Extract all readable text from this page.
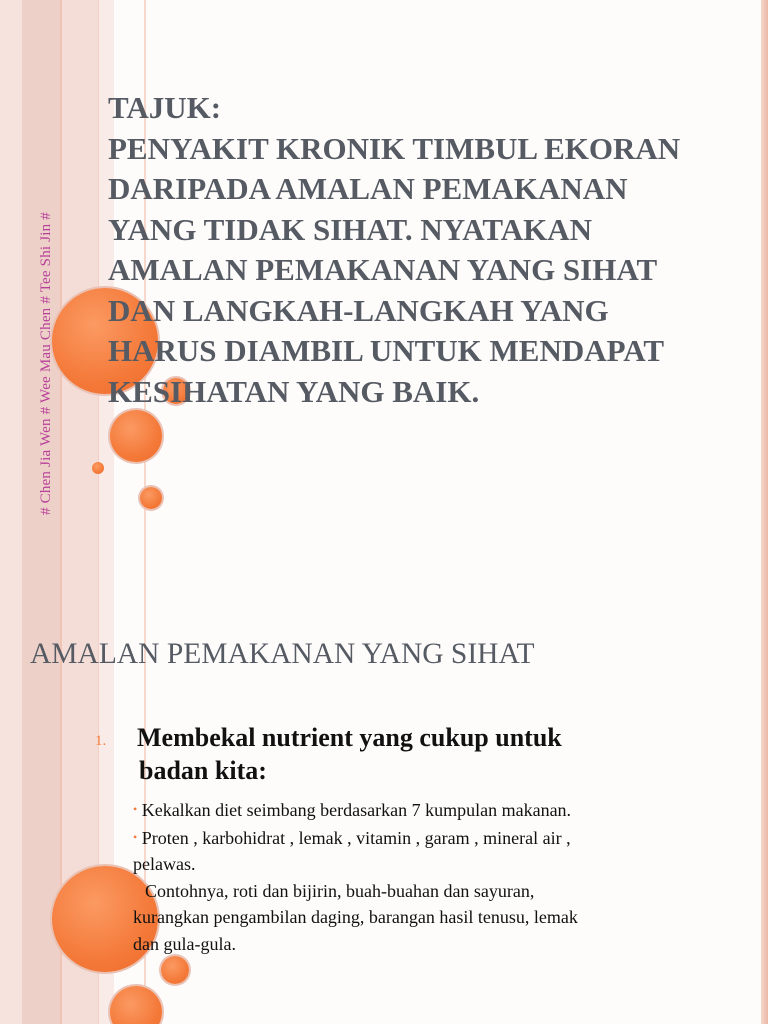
# Chen Jia Wen # Wee Mau Chen # Tee Shi Jin #
TAJUK:
PENYAKIT KRONIK TIMBUL EKORAN
DARIPADA AMALAN PEMAKANAN
YANG TIDAK SIHAT. NYATAKAN
AMALAN PEMAKANAN YANG SIHAT
DAN LANGKAH-LANGKAH YANG
HARUS DIAMBIL UNTUK MENDAPAT
KESIHATAN YANG BAIK.
AMALAN PEMAKANAN YANG SIHAT
1. Membekal nutrient yang cukup untuk
badan kita:
• Kekalkan diet seimbang berdasarkan 7 kumpulan makanan.
• Proten , karbohidrat , lemak , vitamin , garam , mineral air ,
pelawas.
Contohnya, roti dan bijirin, buah-buahan dan sayuran,
kurangkan pengambilan daging, barangan hasil tenusu, lemak
dan gula-gula.
